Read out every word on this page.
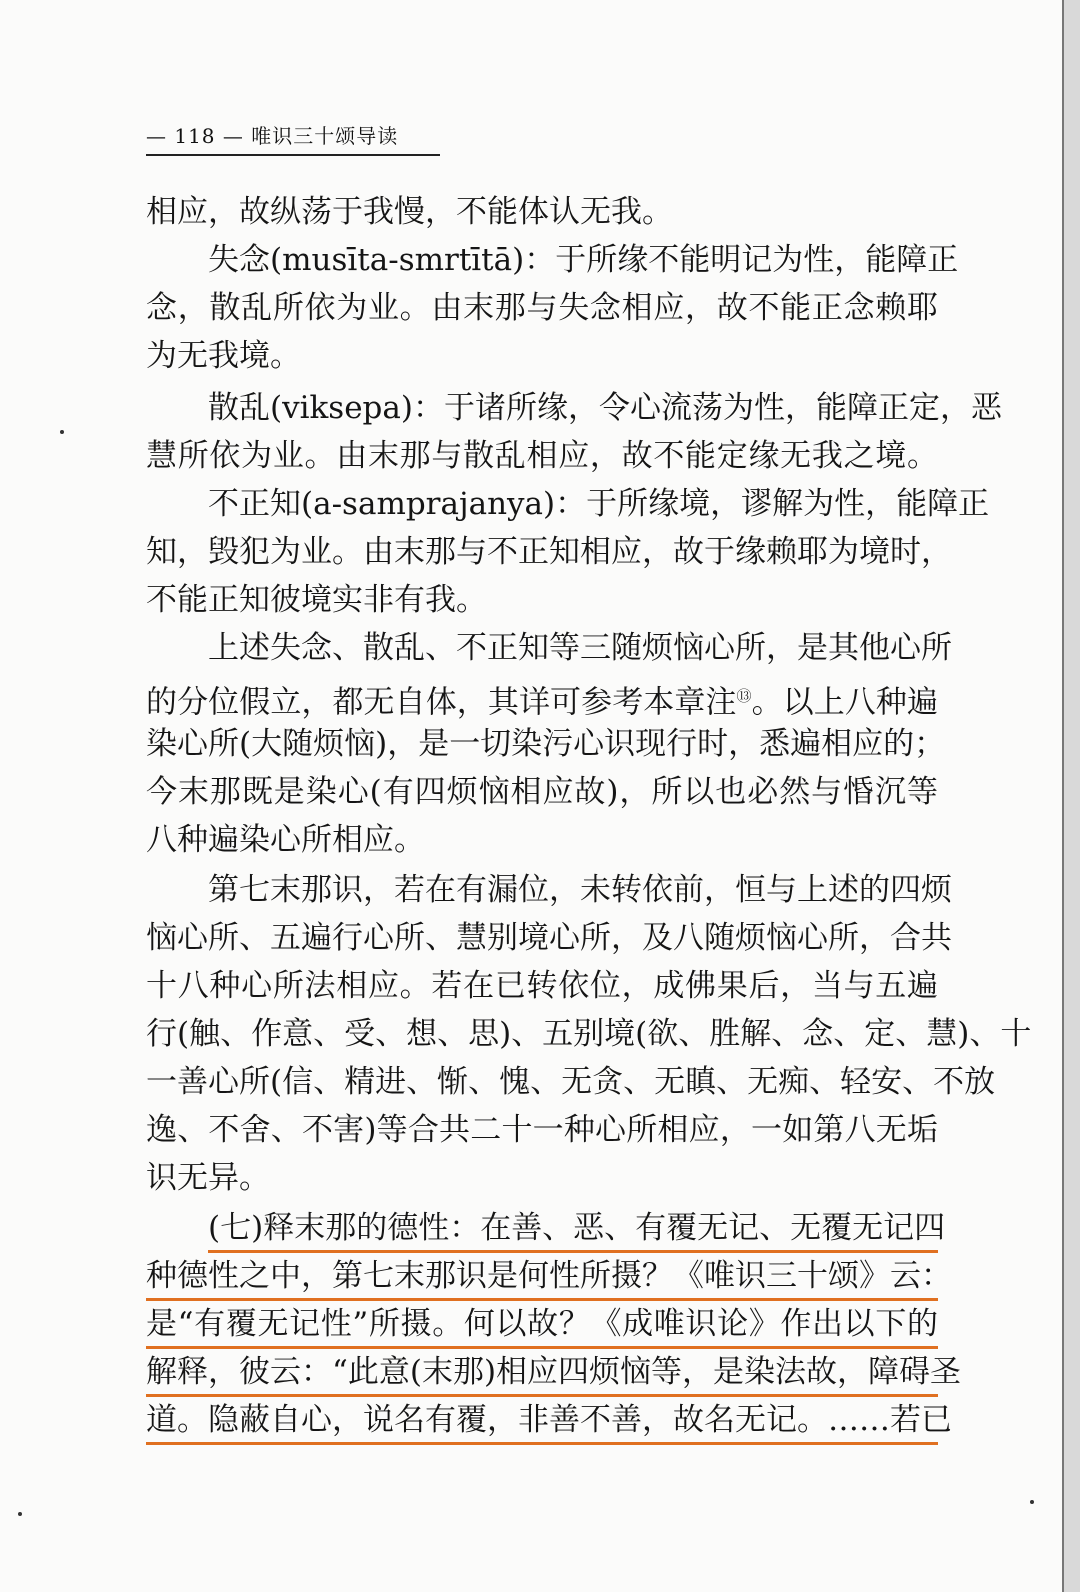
— 118 — 唯识三十颂导读
相应，故纵荡于我慢，不能体认无我。
失念(musīta-smrtītā)：于所缘不能明记为性，能障正
念，散乱所依为业。由末那与失念相应，故不能正念赖耶
为无我境。
散乱(viksepa)：于诸所缘，令心流荡为性，能障正定，恶
慧所依为业。由末那与散乱相应，故不能定缘无我之境。
不正知(a-samprajanya)：于所缘境，谬解为性，能障正
知，毁犯为业。由末那与不正知相应，故于缘赖耶为境时，
不能正知彼境实非有我。
上述失念、散乱、不正知等三随烦恼心所，是其他心所
的分位假立，都无自体，其详可参考本章注⑬。以上八种遍
染心所(大随烦恼)，是一切染污心识现行时，悉遍相应的；
今末那既是染心(有四烦恼相应故)，所以也必然与惛沉等
八种遍染心所相应。
第七末那识，若在有漏位，未转依前，恒与上述的四烦
恼心所、五遍行心所、慧别境心所，及八随烦恼心所，合共
十八种心所法相应。若在已转依位，成佛果后，当与五遍
行(触、作意、受、想、思)、五别境(欲、胜解、念、定、慧)、十
一善心所(信、精进、惭、愧、无贪、无瞋、无痴、轻安、不放
逸、不舍、不害)等合共二十一种心所相应，一如第八无垢
识无异。
(七)释末那的德性：在善、恶、有覆无记、无覆无记四
种德性之中，第七末那识是何性所摄？《唯识三十颂》云：
是“有覆无记性”所摄。何以故？《成唯识论》作出以下的
解释，彼云：“此意(末那)相应四烦恼等，是染法故，障碍圣
道。隐蔽自心，说名有覆，非善不善，故名无记。……若已
